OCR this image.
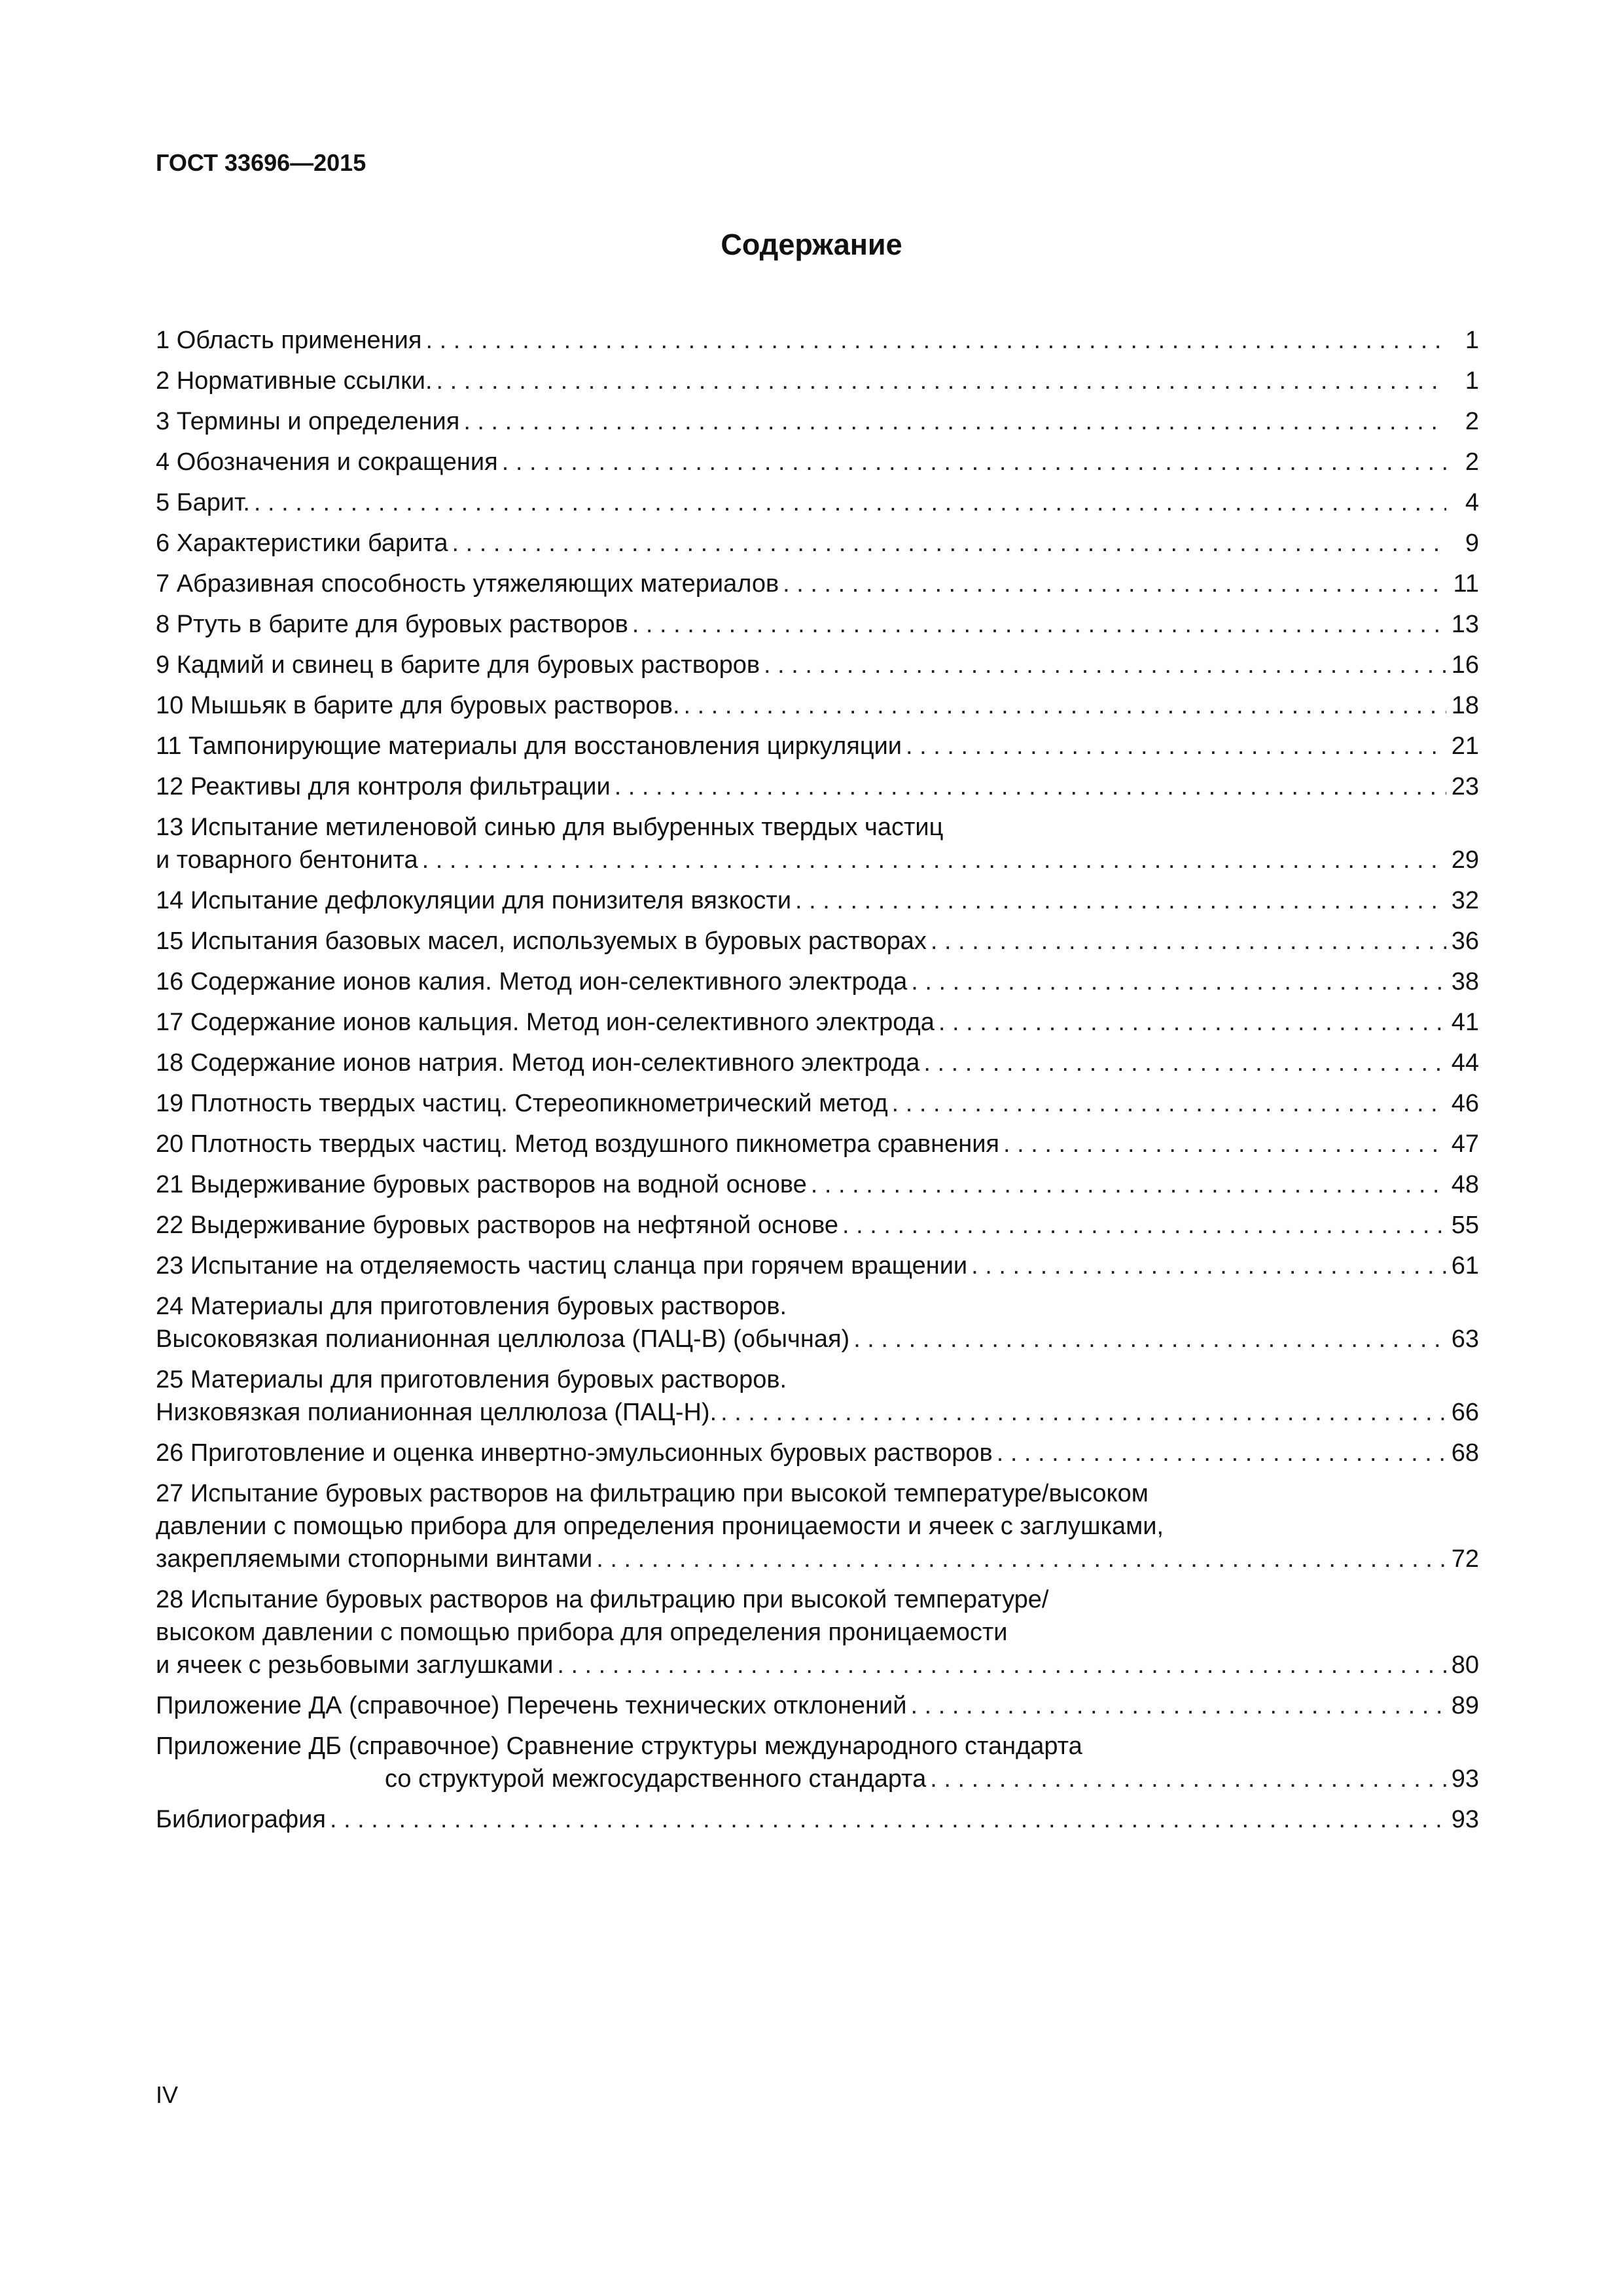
ГОСТ 33696—2015
Содержание
1 Область применения . . .	1
2 Нормативные ссылки. . . .	1
3 Термины и определения . . .	2
4 Обозначения и сокращения . . .	2
5 Барит. . . .	4
6 Характеристики барита . . .	9
7 Абразивная способность утяжеляющих материалов . . .	11
8 Ртуть в барите для буровых растворов . . .	13
9 Кадмий и свинец в барите для буровых растворов . . .	16
10 Мышьяк в барите для буровых растворов. . . .	18
11 Тампонирующие материалы для восстановления циркуляции . . .	21
12 Реактивы для контроля фильтрации . . .	23
13 Испытание метиленовой синью для выбуренных твердых частиц
и товарного бентонита . . .	29
14 Испытание дефлокуляции для понизителя вязкости . . .	32
15 Испытания базовых масел, используемых в буровых растворах . . .	36
16 Содержание ионов калия. Метод ион-селективного электрода . . .	38
17 Содержание ионов кальция. Метод ион-селективного электрода . . .	41
18 Содержание ионов натрия. Метод ион-селективного электрода . . .	44
19 Плотность твердых частиц. Стереопикнометрический метод . . .	46
20 Плотность твердых частиц. Метод воздушного пикнометра сравнения . . .	47
21 Выдерживание буровых растворов на водной основе . . .	48
22 Выдерживание буровых растворов на нефтяной основе . . .	55
23 Испытание на отделяемость частиц сланца при горячем вращении . . .	61
24 Материалы для приготовления буровых растворов.
Высоковязкая полианионная целлюлоза (ПАЦ-В) (обычная) . . .	63
25 Материалы для приготовления буровых растворов.
Низковязкая полианионная целлюлоза (ПАЦ-Н). . . .	66
26 Приготовление и оценка инвертно-эмульсионных буровых растворов . . .	68
27 Испытание буровых растворов на фильтрацию при высокой температуре/высоком
давлении с помощью прибора для определения проницаемости и ячеек с заглушками,
закрепляемыми стопорными винтами . . .	72
28 Испытание буровых растворов на фильтрацию при высокой температуре/
высоком давлении с помощью прибора для определения проницаемости
и ячеек с резьбовыми заглушками . . .	80
Приложение ДА (справочное) Перечень технических отклонений . . .	89
Приложение ДБ (справочное) Сравнение структуры международного стандарта
со структурой межгосударственного стандарта . . .	93
Библиография . . .	93
IV
